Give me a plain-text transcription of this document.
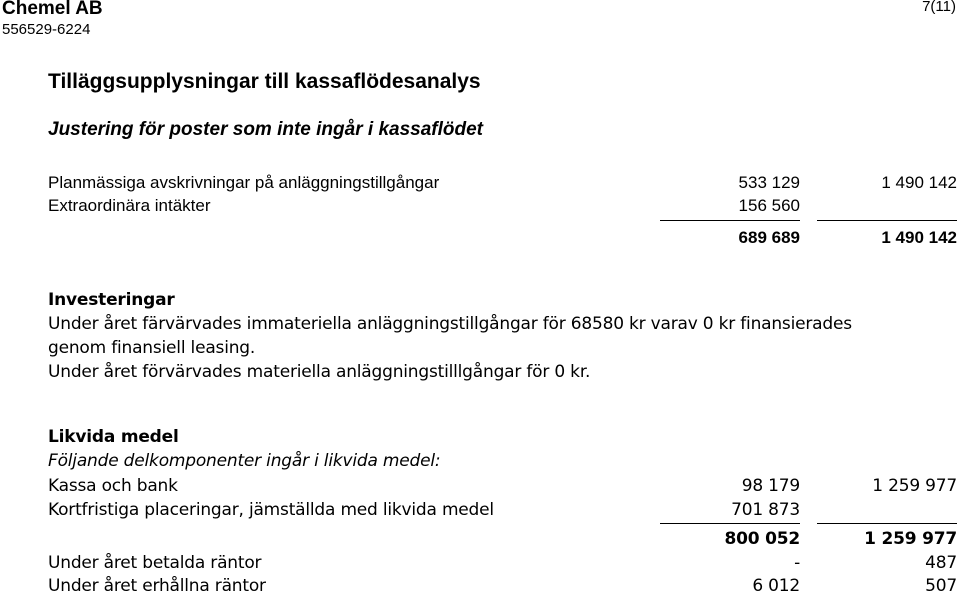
Chemel AB
556529-6224
7(11)
Tilläggsupplysningar till kassaflödesanalys
Justering för poster som inte ingår i kassaflödet
Planmässiga avskrivningar på anläggningstillgångar	533 129	1 490 142
Extraordinära intäkter	156 560
689 689	1 490 142
Investeringar
Under året färvärvades immateriella anläggningstillgångar för 68580 kr varav 0 kr finansierades
genom finansiell leasing.
Under året förvärvades materiella anläggningstilllgångar för 0 kr.
Likvida medel
Följande delkomponenter ingår i likvida medel:
Kassa och bank	98 179	1 259 977
Kortfristiga placeringar, jämställda med likvida medel	701 873
800 052	1 259 977
Under året betalda räntor	-	487
Under året erhållna räntor	6 012	507
